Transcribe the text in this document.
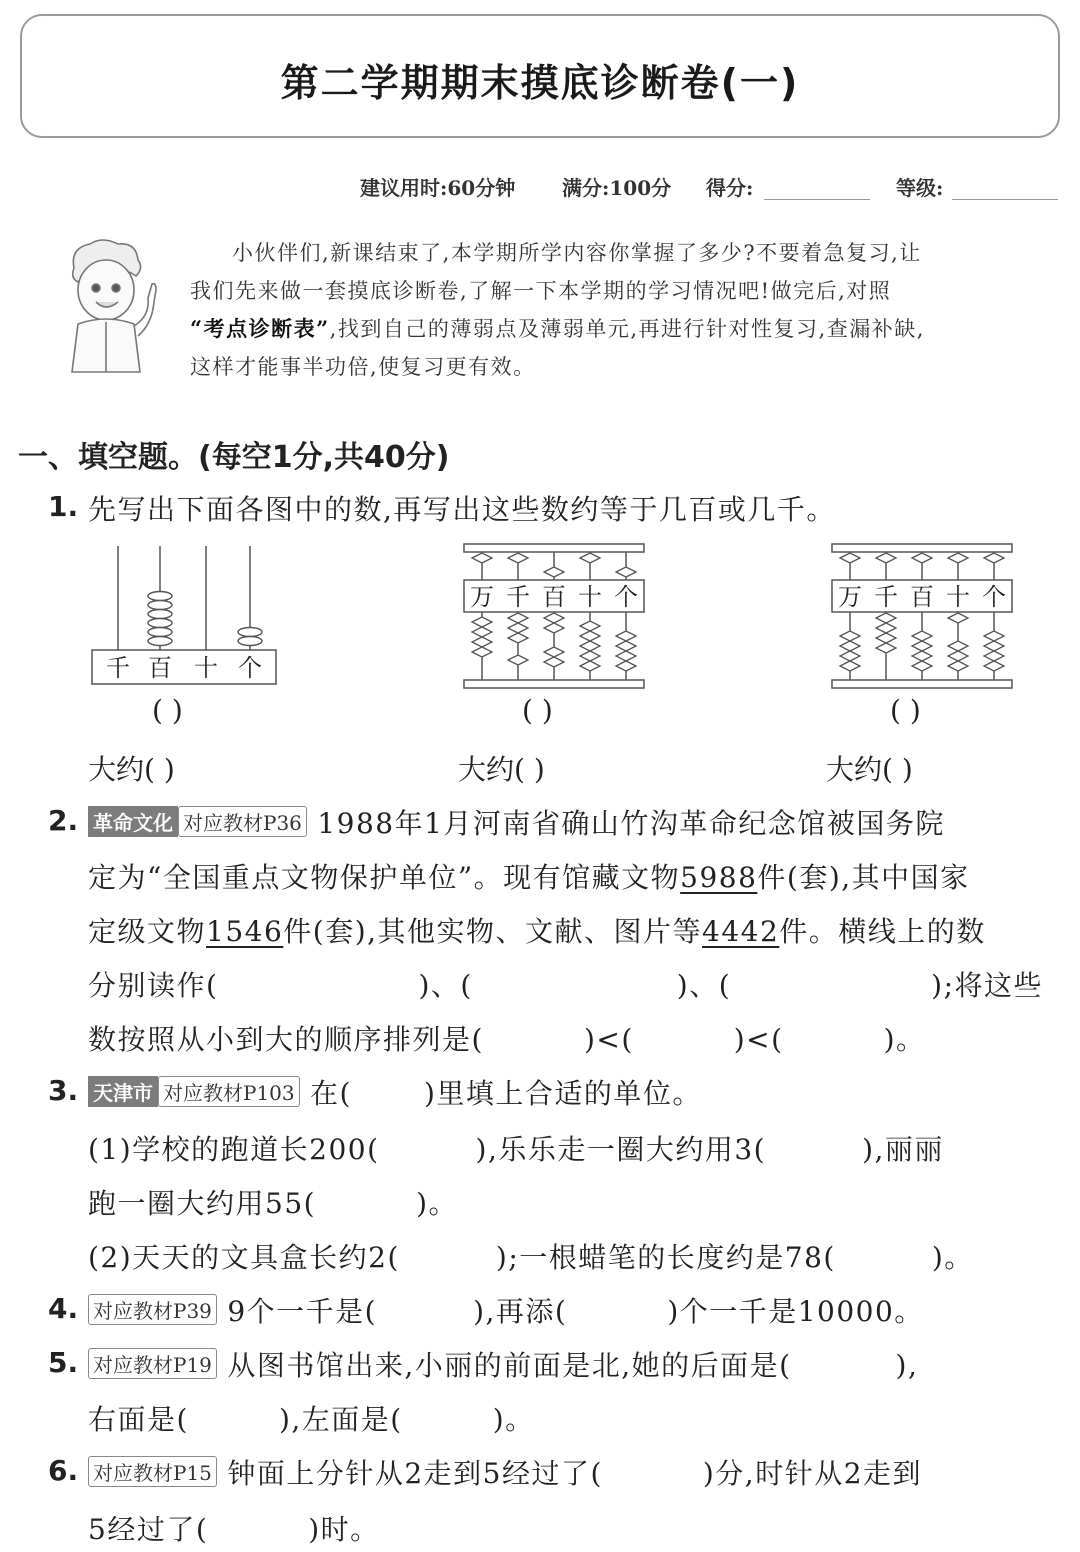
第二学期期末摸底诊断卷(一)
建议用时:60分钟 满分:100分 得分:	等级:

小伙伴们,新课结束了,本学期所学内容你掌握了多少?不要着急复习,让

我们先来做一套摸底诊断卷,了解一下本学期的学习情况吧!做完后,对照

“考点诊断表”,找到自己的薄弱点及薄弱单元,再进行针对性复习,查漏补缺,

这样才能事半功倍,使复习更有效。

一、填空题。(每空1分,共40分)
1. 先写出下面各图中的数,再写出这些数约等于几百或几千。
千 百 十 个
万 千 百 十 个	万 千 百 十 个
( )	( )	( )
大约( )	大约( )	大约( )
2. 革命文化 对应教材P36 1988年1月河南省确山竹沟革命纪念馆被国务院
定为“全国重点文物保护单位”。现有馆藏文物5988件(套),其中国家
定级文物1546件(套),其他实物、文献、图片等4442件。横线上的数
分别读作(	)、(	)、(	);将这些
数按照从小到大的顺序排列是(	)<(	)<(	)。
3. 天津市 对应教材P103 在(	)里填上合适的单位。
(1)学校的跑道长200(	),乐乐走一圈大约用3(	),丽丽
跑一圈大约用55(	)。
(2)天天的文具盒长约2(	);一根蜡笔的长度约是78(	)。
4. 对应教材P39 9个一千是(	),再添(	)个一千是10000。
5. 对应教材P19 从图书馆出来,小丽的前面是北,她的后面是(	),
右面是(	),左面是(	)。
6. 对应教材P15 钟面上分针从2走到5经过了(	)分,时针从2走到
5经过了(	)时。
